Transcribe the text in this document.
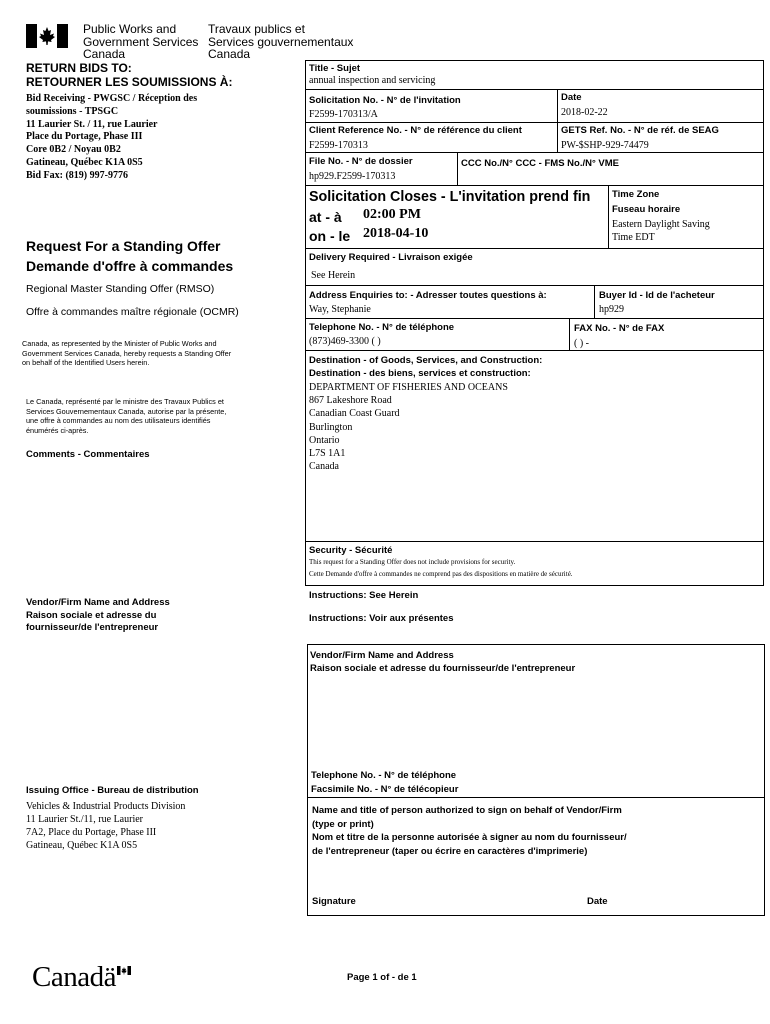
Public Works and
Government Services
Canada
Travaux publics et
Services gouvernementaux
Canada
RETURN BIDS TO:
RETOURNER LES SOUMISSIONS À:
Bid Receiving - PWGSC / Réception des
soumissions - TPSGC
11 Laurier St. / 11, rue Laurier
Place du Portage, Phase III
Core 0B2 / Noyau 0B2
Gatineau, Québec K1A 0S5
Bid Fax: (819) 997-9776
Request For a Standing Offer
Demande d'offre à commandes
Regional Master Standing Offer (RMSO)
Offre à commandes maître régionale (OCMR)
Canada, as represented by the Minister of Public Works and
Government Services Canada, hereby requests a Standing Offer
on behalf of the Identified Users herein.
Le Canada, représenté par le ministre des Travaux Publics et
Services Gouvernementaux Canada, autorise par la présente,
une offre à commandes au nom des utilisateurs identifiés
énumérés ci-après.
Comments - Commentaires
Vendor/Firm Name and Address
Raison sociale et adresse du
fournisseur/de l'entrepreneur
Issuing Office - Bureau de distribution
Vehicles & Industrial Products Division
11 Laurier St./11, rue Laurier
7A2, Place du Portage, Phase III
Gatineau, Québec K1A 0S5
Title - Sujet
annual inspection and servicing
Solicitation No. - N° de l'invitation
F2599-170313/A
Date
2018-02-22
Client Reference No. - N° de référence du client
F2599-170313
GETS Ref. No. - N° de réf. de SEAG
PW-$SHP-929-74479
File No. - N° de dossier
hp929.F2599-170313
CCC No./N° CCC - FMS No./N° VME
Solicitation Closes - L'invitation prend fin
at - à 02:00 PM
on - le 2018-04-10
Time Zone
Fuseau horaire
Eastern Daylight Saving
Time EDT
Delivery Required - Livraison exigée
See Herein
Address Enquiries to: - Adresser toutes questions à:
Way, Stephanie
Buyer Id - Id de l'acheteur
hp929
Telephone No. - N° de téléphone
(873)469-3300 ( )
FAX No. - N° de FAX
( ) -
Destination - of Goods, Services, and Construction:
Destination - des biens, services et construction:
DEPARTMENT OF FISHERIES AND OCEANS
867 Lakeshore Road
Canadian Coast Guard
Burlington
Ontario
L7S 1A1
Canada
Security - Sécurité
This request for a Standing Offer does not include provisions for security.
Cette Demande d'offre à commandes ne comprend pas des dispositions en matière de sécurité.
Instructions: See Herein
Instructions: Voir aux présentes
Vendor/Firm Name and Address
Raison sociale et adresse du fournisseur/de l'entrepreneur
Telephone No. - N° de téléphone
Facsimile No. - N° de télécopieur
Name and title of person authorized to sign on behalf of Vendor/Firm
(type or print)
Nom et titre de la personne autorisée à signer au nom du fournisseur/
de l'entrepreneur (taper ou écrire en caractères d'imprimerie)
Signature	Date
Canadä	Page 1 of - de 1
